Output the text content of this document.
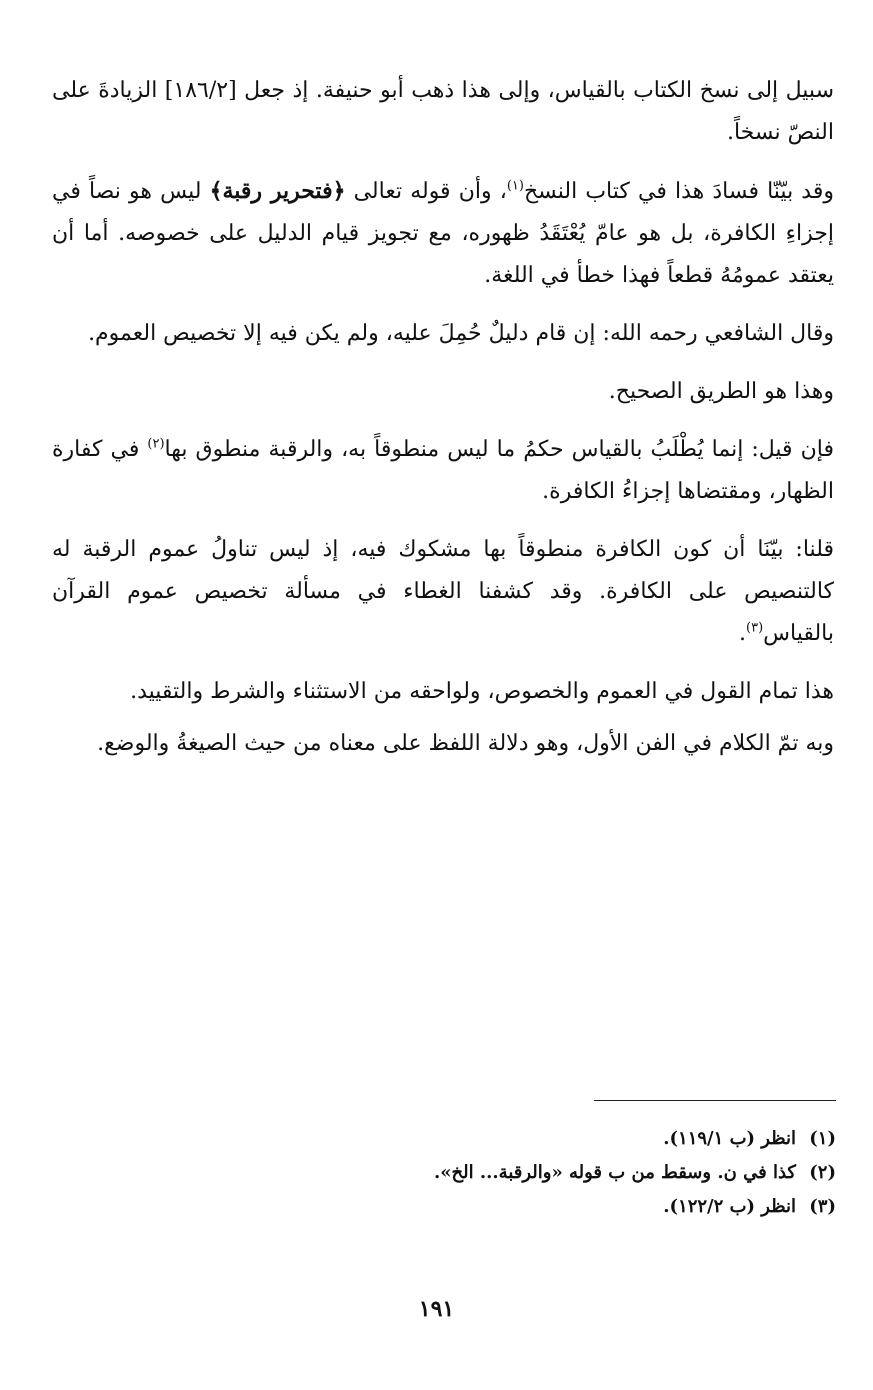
سبيل إلى نسخ الكتاب بالقياس، وإلى هذا ذهب أبو حنيفة. إذ جعل [١٨٦/٢] الزيادةَ على النصّ نسخاً.

وقد بيّنّا فسادَ هذا في كتاب النسخ$^{(١)}$، وأن قوله تعالى ﴿فتحرير رقبة﴾ ليس هو نصاً في إجزاءِ الكافرة، بل هو عامّ يُعْتَقَدُ ظهوره، مع تجويز قيام الدليل على خصوصه. أما أن يعتقد عمومُهُ قطعاً فهذا خطأ في اللغة.

وقال الشافعي رحمه الله: إن قام دليلٌ حُمِلَ عليه، ولم يكن فيه إلا تخصيص العموم.

وهذا هو الطريق الصحيح.

فإن قيل: إنما يُطْلَبُ بالقياس حكمُ ما ليس منطوقاً به، والرقبة منطوق بها$^{(٢)}$ في كفارة الظهار، ومقتضاها إجزاءُ الكافرة.

قلنا: بيّنَا أن كون الكافرة منطوقاً بها مشكوك فيه، إذ ليس تناولُ عموم الرقبة له كالتنصيص على الكافرة. وقد كشفنا الغطاء في مسألة تخصيص عموم القرآن بالقياس$^{(٣)}$.

هذا تمام القول في العموم والخصوص، ولواحقه من الاستثناء والشرط والتقييد.

وبه تمّ الكلام في الفن الأول، وهو دلالة اللفظ على معناه من حيث الصيغةُ والوضع.

(١)انظر (ب ١١٩/١).
(٢)كذا في ن. وسقط من ب قوله «والرقبة... الخ».
(٣)انظر (ب ١٢٢/٢).
١٩١
